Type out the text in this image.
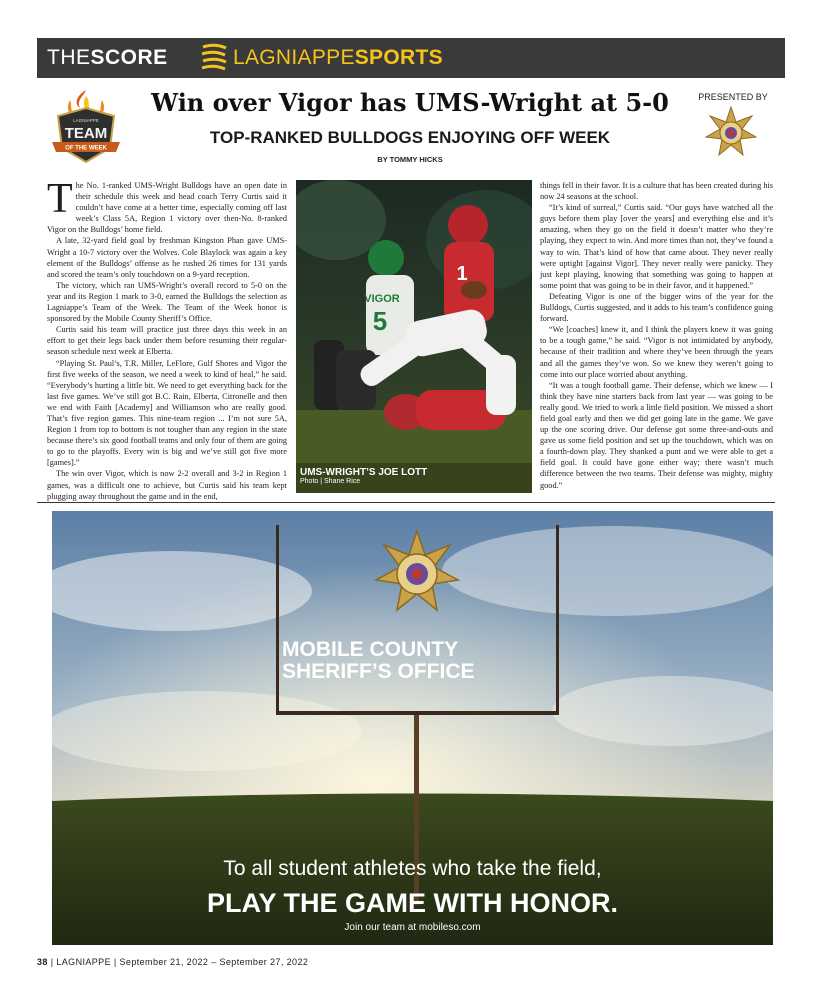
THESCORE	LAGNIAPPESPORTS
LAGNIAPPE
TEAM
OF THE WEEK
Win over Vigor has UMS-Wright at 5-0
TOP-RANKED BULLDOGS ENJOYING OFF WEEK
BY TOMMY HICKS
PRESENTED BY

The No. 1-ranked UMS-Wright Bulldogs have an open date in their schedule this week and head coach Terry Curtis said it couldn’t have come at a better time, especially coming off last week’s Class 5A, Region 1 victory over then-No. 8-ranked Vigor on the Bulldogs’ home field.

A late, 32-yard field goal by freshman Kingston Phan gave UMS-Wright a 10-7 victory over the Wolves. Cole Blaylock was again a key element of the Bulldogs’ offense as he rushed 26 times for 131 yards and scored the team’s only touchdown on a 9-yard reception.

The victory, which ran UMS-Wright’s overall record to 5-0 on the year and its Region 1 mark to 3-0, earned the Bulldogs the selection as Lagniappe’s Team of the Week. The Team of the Week honor is sponsored by the Mobile County Sheriff’s Office.

Curtis said his team will practice just three days this week in an effort to get their legs back under them before resuming their regular-season schedule next week at Elberta.

“Playing St. Paul’s, T.R. Miller, LeFlore, Gulf Shores and Vigor the first five weeks of the season, we need a week to kind of heal,” he said. “Everybody’s hurting a little bit. We need to get everything back for the last five games. We’ve still got B.C. Rain, Elberta, Citronelle and then we end with Faith [Academy] and Williamson who are really good. That’s five region games. This nine-team region ... I’m not sure 5A, Region 1 from top to bottom is not tougher than any region in the state because there’s six good football teams and only four of them are going to go to the playoffs. Every win is big and we’ve still got five more [games].”

The win over Vigor, which is now 2-2 overall and 3-2 in Region 1 games, was a difficult one to achieve, but Curtis said his team kept plugging away throughout the game and in the end,

VIGOR
5
1
UMS-WRIGHT’S JOE LOTT
Photo | Shane Rice

things fell in their favor. It is a culture that has been created during his now 24 seasons at the school.

“It’s kind of surreal,” Curtis said. “Our guys have watched all the guys before them play [over the years] and everything else and it’s amazing, when they go on the field it doesn’t matter who they’re playing, they expect to win. And more times than not, they’ve found a way to win. That’s kind of how that came about. They never really were uptight [against Vigor]. They never really were panicky. They just kept playing, knowing that something was going to happen at some point that was going to be in their favor, and it happened.”

Defeating Vigor is one of the bigger wins of the year for the Bulldogs, Curtis suggested, and it adds to his team’s confidence going forward.

“We [coaches] knew it, and I think the players knew it was going to be a tough game,” he said. “Vigor is not intimidated by anybody, because of their tradition and where they’ve been through the years and all the games they’ve won. So we knew they weren’t going to come into our place worried about anything.

“It was a tough football game. Their defense, which we knew — I think they have nine starters back from last year — was going to be really good. We tried to work a little field position. We missed a short field goal early and then we did get going late in the game. We gave up the one scoring drive. Our defense got some three-and-outs and gave us some field position and set up the touchdown, which was on a fourth-down play. They shanked a punt and we were able to get a field goal. It could have gone either way; there wasn’t much difference between the two teams. Their defense was mighty, mighty good.”

MOBILE COUNTY
SHERIFF’S OFFICE
To all student athletes who take the field,
PLAY THE GAME WITH HONOR.
Join our team at mobileso.com
38 | LAGNIAPPE | September 21, 2022 – September 27, 2022
